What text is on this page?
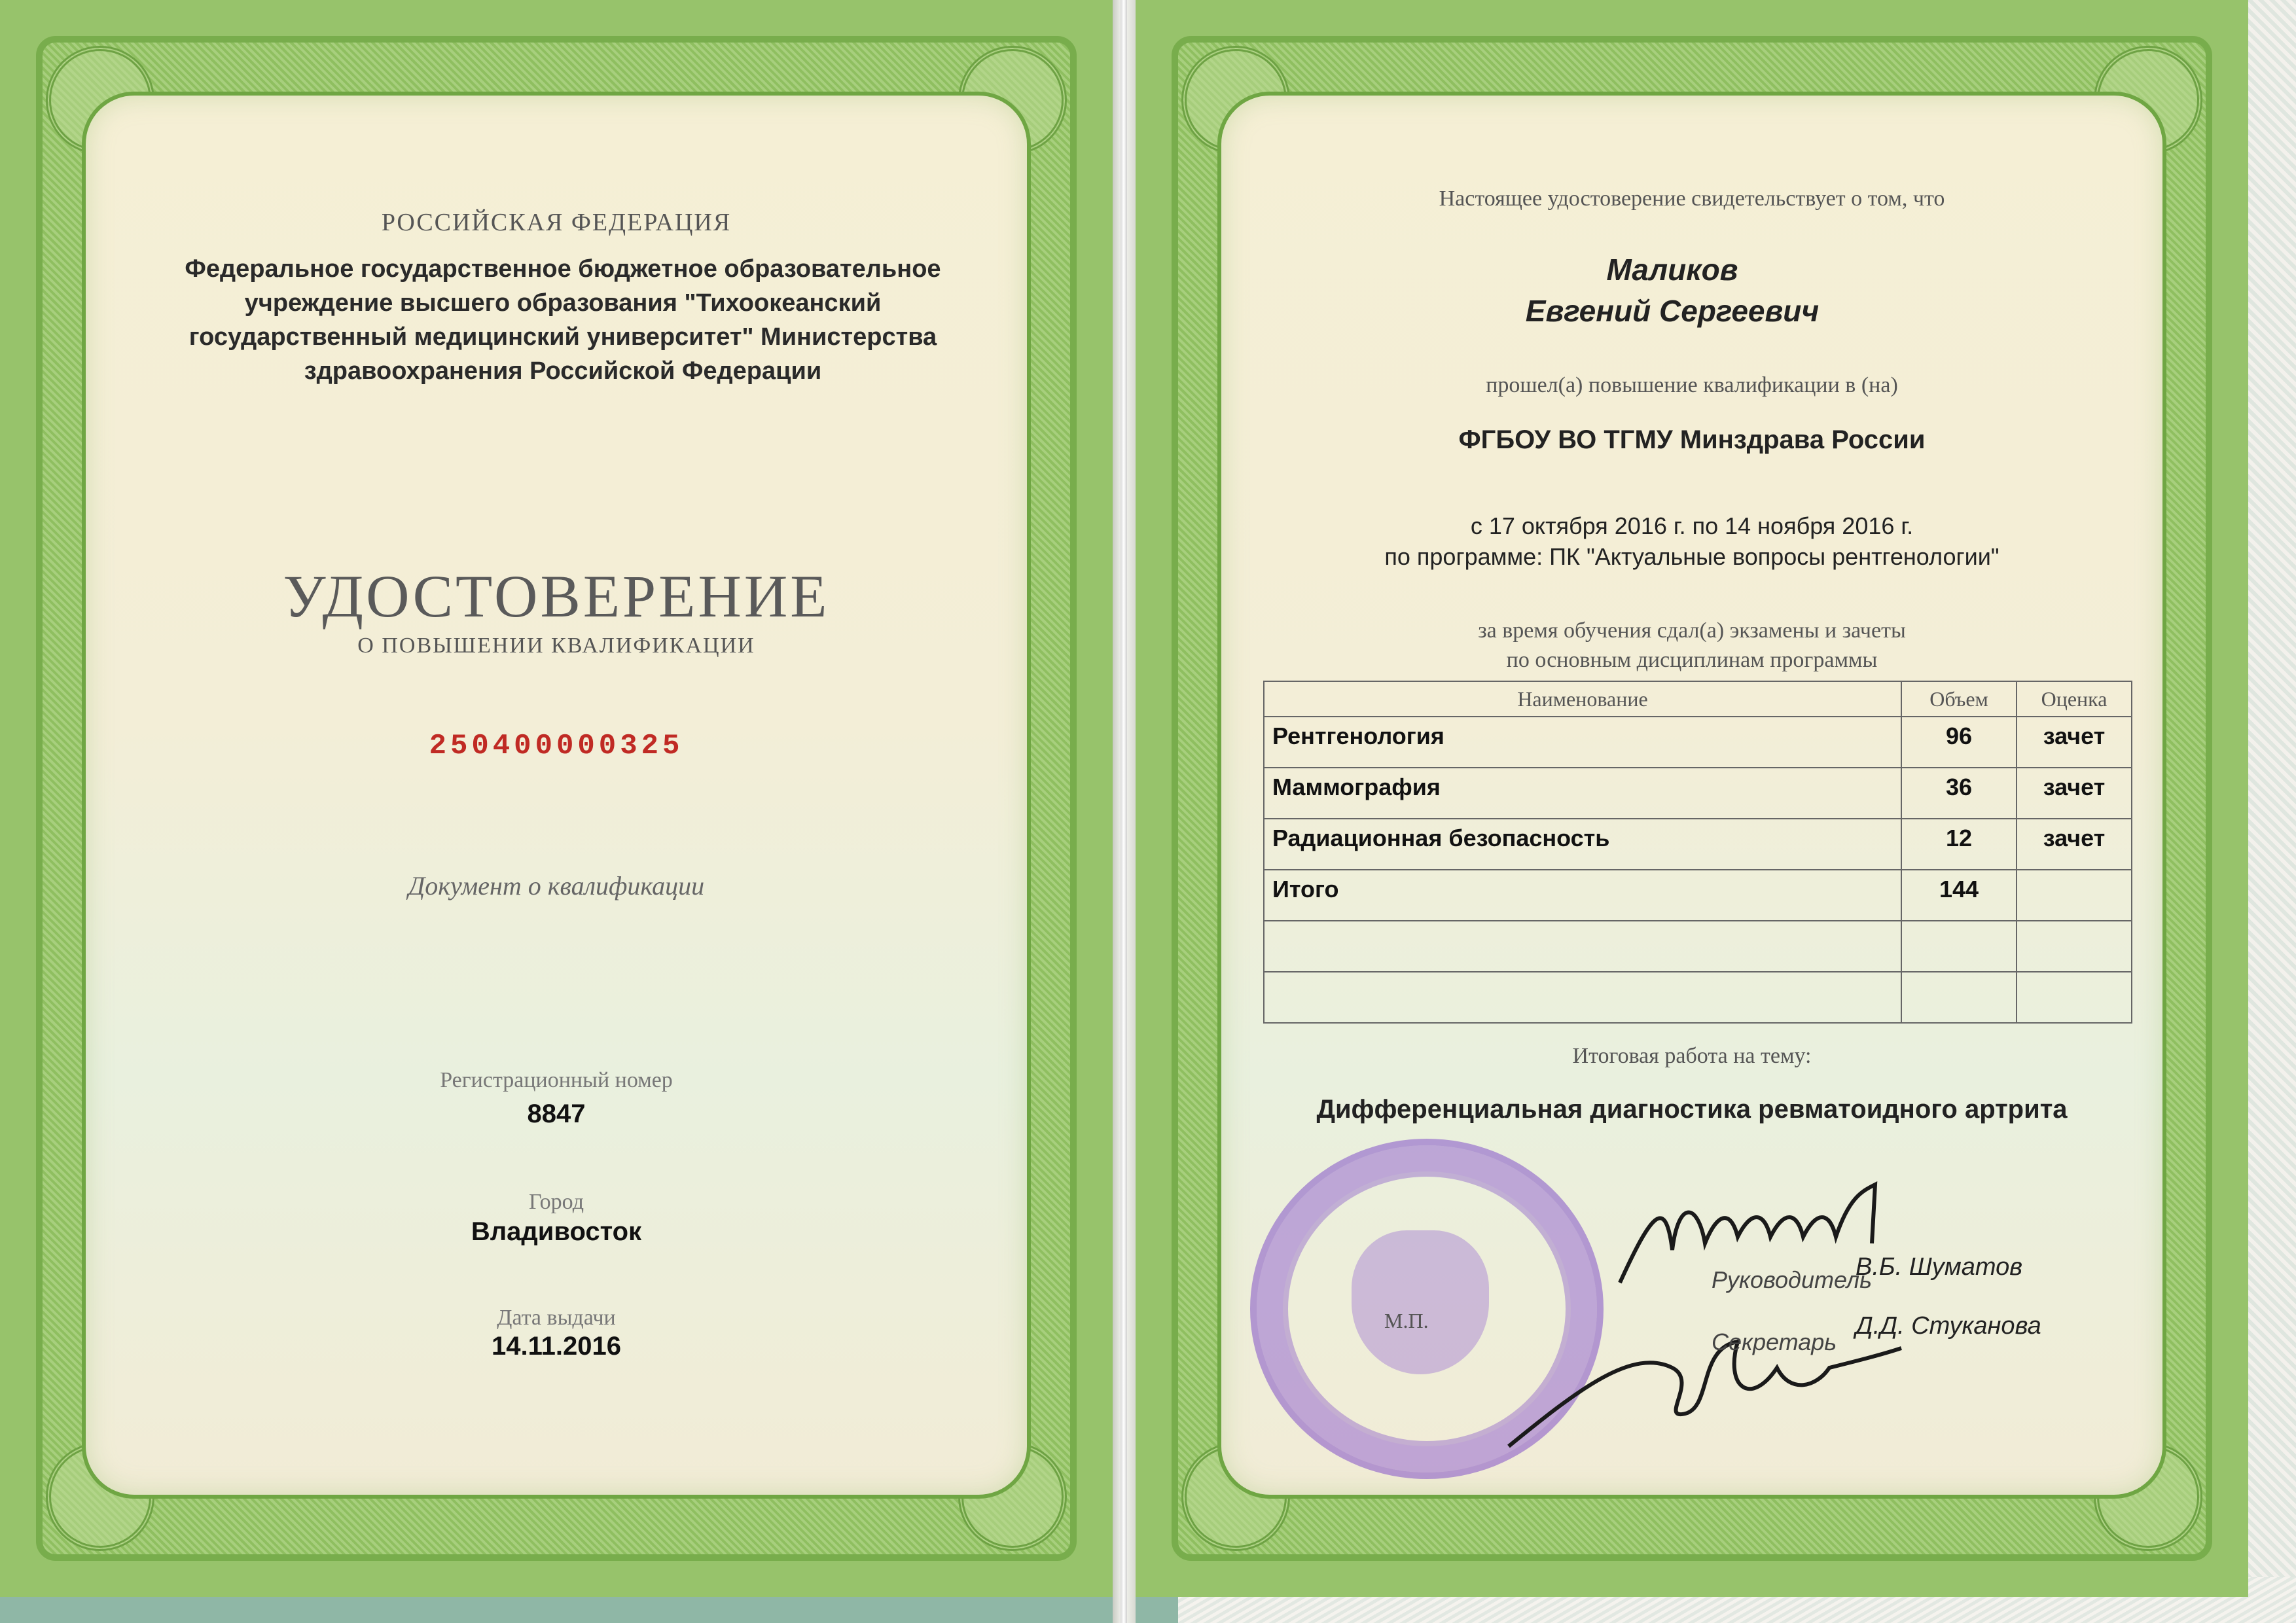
РОССИЙСКАЯ ФЕДЕРАЦИЯ
Федеральное государственное бюджетное образовательное учреждение высшего образования "Тихоокеанский государственный медицинский университет" Министерства здравоохранения Российской Федерации
УДОСТОВЕРЕНИЕ
О ПОВЫШЕНИИ КВАЛИФИКАЦИИ
250400000325
Документ о квалификации
Регистрационный номер
8847
Город
Владивосток
Дата выдачи
14.11.2016
Настоящее удостоверение свидетельствует о том, что
Маликов
Евгений Сергеевич
прошел(а) повышение квалификации в (на)
ФГБОУ ВО ТГМУ Минздрава России
с 17 октября 2016 г. по 14 ноября 2016 г.
по программе: ПК "Актуальные вопросы рентгенологии"
за время обучения сдал(а) экзамены и зачеты
по основным дисциплинам программы
Наименование	Объем	Оценка
Рентгенология	96	зачет
Маммография	36	зачет
Радиационная безопасность	12	зачет
Итого	144	

Итоговая работа на тему:
Дифференциальная диагностика ревматоидного артрита
М.П.
Руководитель
В.Б. Шуматов
Секретарь
Д.Д. Стуканова
